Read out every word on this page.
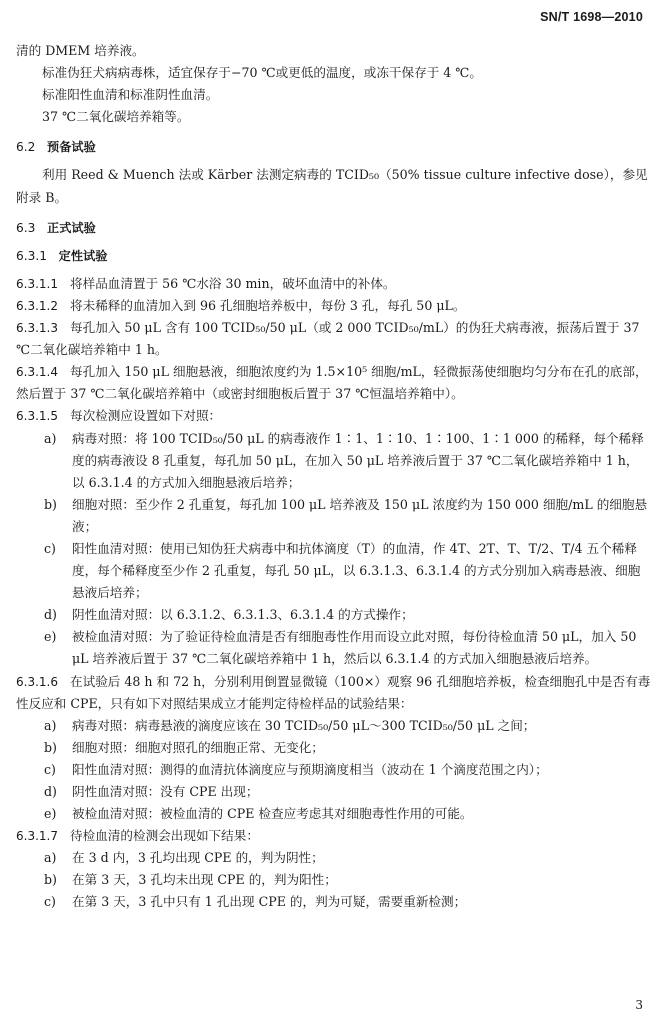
SN/T 1698—2010

清的 DMEM 培养液。

标准伪狂犬病病毒株，适宜保存于−70 ℃或更低的温度，或冻干保存于 4 ℃。

标准阳性血清和标准阴性血清。

37 ℃二氧化碳培养箱等。

6.2 预备试验

利用 Reed & Muench 法或 Kärber 法测定病毒的 TCID₅₀（50% tissue culture infective dose），参见附录 B。

6.3 正式试验

6.3.1 定性试验

6.3.1.1 将样品血清置于 56 ℃水浴 30 min，破坏血清中的补体。

6.3.1.2 将未稀释的血清加入到 96 孔细胞培养板中，每份 3 孔，每孔 50 μL。

6.3.1.3 每孔加入 50 μL 含有 100 TCID₅₀/50 μL（或 2 000 TCID₅₀/mL）的伪狂犬病毒液，振荡后置于 37 ℃二氧化碳培养箱中 1 h。

6.3.1.4 每孔加入 150 μL 细胞悬液，细胞浓度约为 1.5×10⁵ 细胞/mL，轻微振荡使细胞均匀分布在孔的底部，然后置于 37 ℃二氧化碳培养箱中（或密封细胞板后置于 37 ℃恒温培养箱中）。

6.3.1.5 每次检测应设置如下对照：

a) 病毒对照：将 100 TCID₅₀/50 μL 的病毒液作 1∶1、1∶10、1∶100、1∶1 000 的稀释，每个稀释度的病毒液设 8 孔重复，每孔加 50 μL，在加入 50 μL 培养液后置于 37 ℃二氧化碳培养箱中 1 h，以 6.3.1.4 的方式加入细胞悬液后培养；

b) 细胞对照：至少作 2 孔重复，每孔加 100 μL 培养液及 150 μL 浓度约为 150 000 细胞/mL 的细胞悬液；

c) 阳性血清对照：使用已知伪狂犬病毒中和抗体滴度（T）的血清，作 4T、2T、T、T/2、T/4 五个稀释度，每个稀释度至少作 2 孔重复，每孔 50 μL，以 6.3.1.3、6.3.1.4 的方式分别加入病毒悬液、细胞悬液后培养；

d) 阴性血清对照：以 6.3.1.2、6.3.1.3、6.3.1.4 的方式操作；

e) 被检血清对照：为了验证待检血清是否有细胞毒性作用而设立此对照，每份待检血清 50 μL，加入 50 μL 培养液后置于 37 ℃二氧化碳培养箱中 1 h，然后以 6.3.1.4 的方式加入细胞悬液后培养。

6.3.1.6 在试验后 48 h 和 72 h，分别利用倒置显微镜（100×）观察 96 孔细胞培养板，检查细胞孔中是否有毒性反应和 CPE，只有如下对照结果成立才能判定待检样品的试验结果：

a) 病毒对照：病毒悬液的滴度应该在 30 TCID₅₀/50 μL～300 TCID₅₀/50 μL 之间；

b) 细胞对照：细胞对照孔的细胞正常、无变化；

c) 阳性血清对照：测得的血清抗体滴度应与预期滴度相当（波动在 1 个滴度范围之内）；

d) 阴性血清对照：没有 CPE 出现；

e) 被检血清对照：被检血清的 CPE 检查应考虑其对细胞毒性作用的可能。

6.3.1.7 待检血清的检测会出现如下结果：

a) 在 3 d 内，3 孔均出现 CPE 的，判为阴性；

b) 在第 3 天，3 孔均未出现 CPE 的，判为阳性；

c) 在第 3 天，3 孔中只有 1 孔出现 CPE 的，判为可疑，需要重新检测；

3
